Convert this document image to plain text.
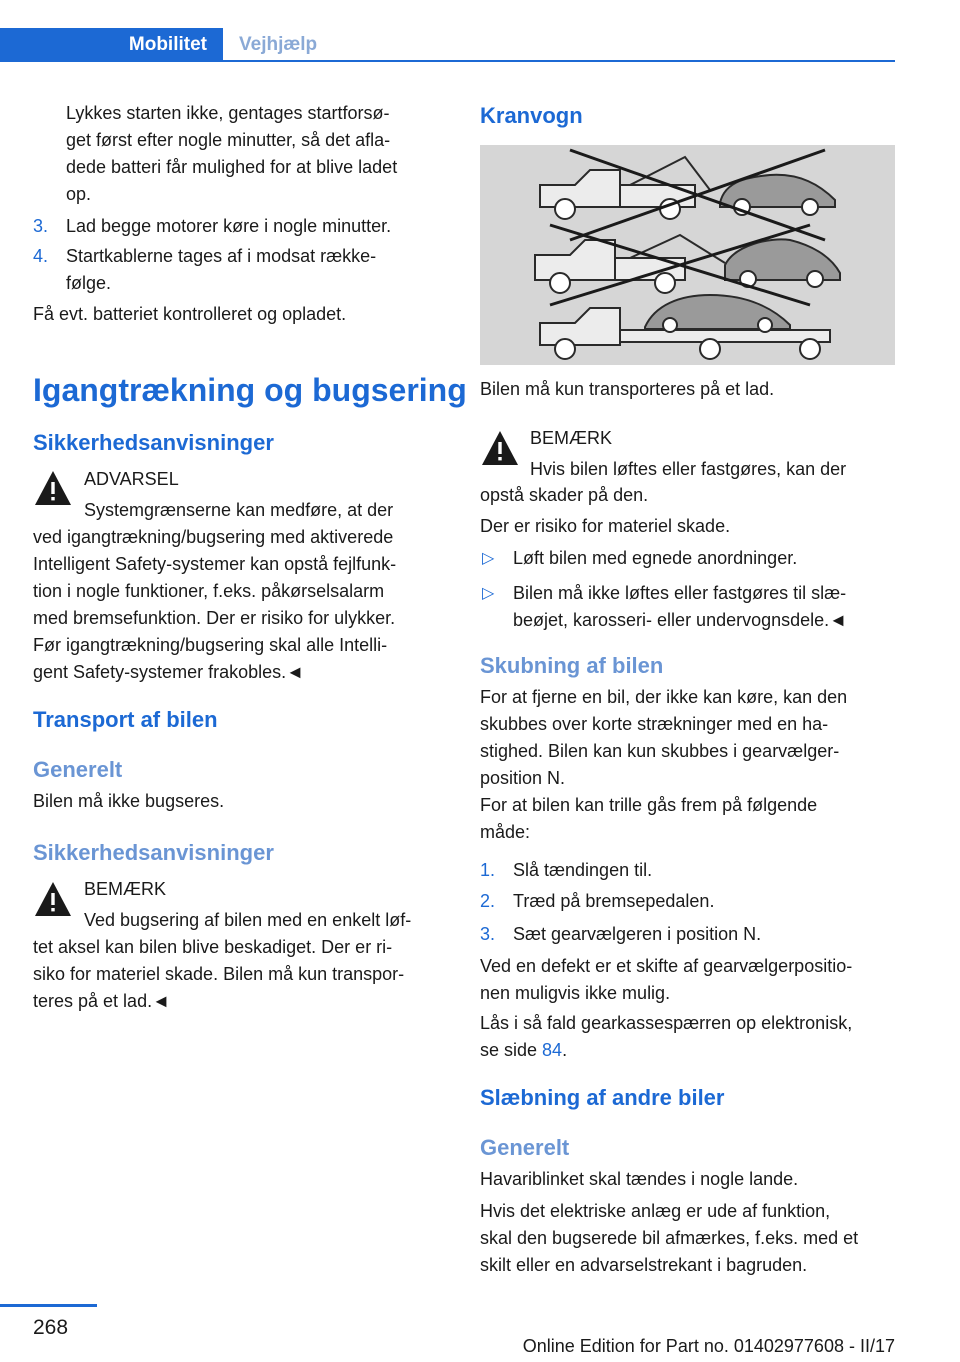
Mobilitet	Vejhjælp
Lykkes starten ikke, gentages startforsø-
get først efter nogle minutter, så det afla-
dede batteri får mulighed for at blive ladet
op.
3. Lad begge motorer køre i nogle minutter.
4. Startkablerne tages af i modsat række-
følge.
Få evt. batteriet kontrolleret og opladet.
Igangtrækning og bugsering
Sikkerhedsanvisninger
ADVARSEL
Systemgrænserne kan medføre, at der
ved igangtrækning/bugsering med aktiverede
Intelligent Safety-systemer kan opstå fejlfunk-
tion i nogle funktioner, f.eks. påkørselsalarm
med bremsefunktion. Der er risiko for ulykker.
Før igangtrækning/bugsering skal alle Intelli-
gent Safety-systemer frakobles.◄
Transport af bilen
Generelt
Bilen må ikke bugseres.
Sikkerhedsanvisninger
BEMÆRK
Ved bugsering af bilen med en enkelt løf-
tet aksel kan bilen blive beskadiget. Der er ri-
siko for materiel skade. Bilen må kun transpor-
teres på et lad.◄
Kranvogn
Bilen må kun transporteres på et lad.
BEMÆRK
Hvis bilen løftes eller fastgøres, kan der
opstå skader på den.
Der er risiko for materiel skade.
▷ Løft bilen med egnede anordninger.
▷ Bilen må ikke løftes eller fastgøres til slæ-
beøjet, karosseri- eller undervognsdele.◄
Skubning af bilen
For at fjerne en bil, der ikke kan køre, kan den
skubbes over korte strækninger med en ha-
stighed. Bilen kan kun skubbes i gearvælger-
position N.
For at bilen kan trille gås frem på følgende
måde:
1. Slå tændingen til.
2. Træd på bremsepedalen.
3. Sæt gearvælgeren i position N.
Ved en defekt er et skifte af gearvælgerpositio-
nen muligvis ikke mulig.
Lås i så fald gearkassespærren op elektronisk,
se side 84.
Slæbning af andre biler
Generelt
Havariblinket skal tændes i nogle lande.
Hvis det elektriske anlæg er ude af funktion,
skal den bugserede bil afmærkes, f.eks. med et
skilt eller en advarselstrekant i bagruden.
268
Online Edition for Part no. 01402977608 - II/17
